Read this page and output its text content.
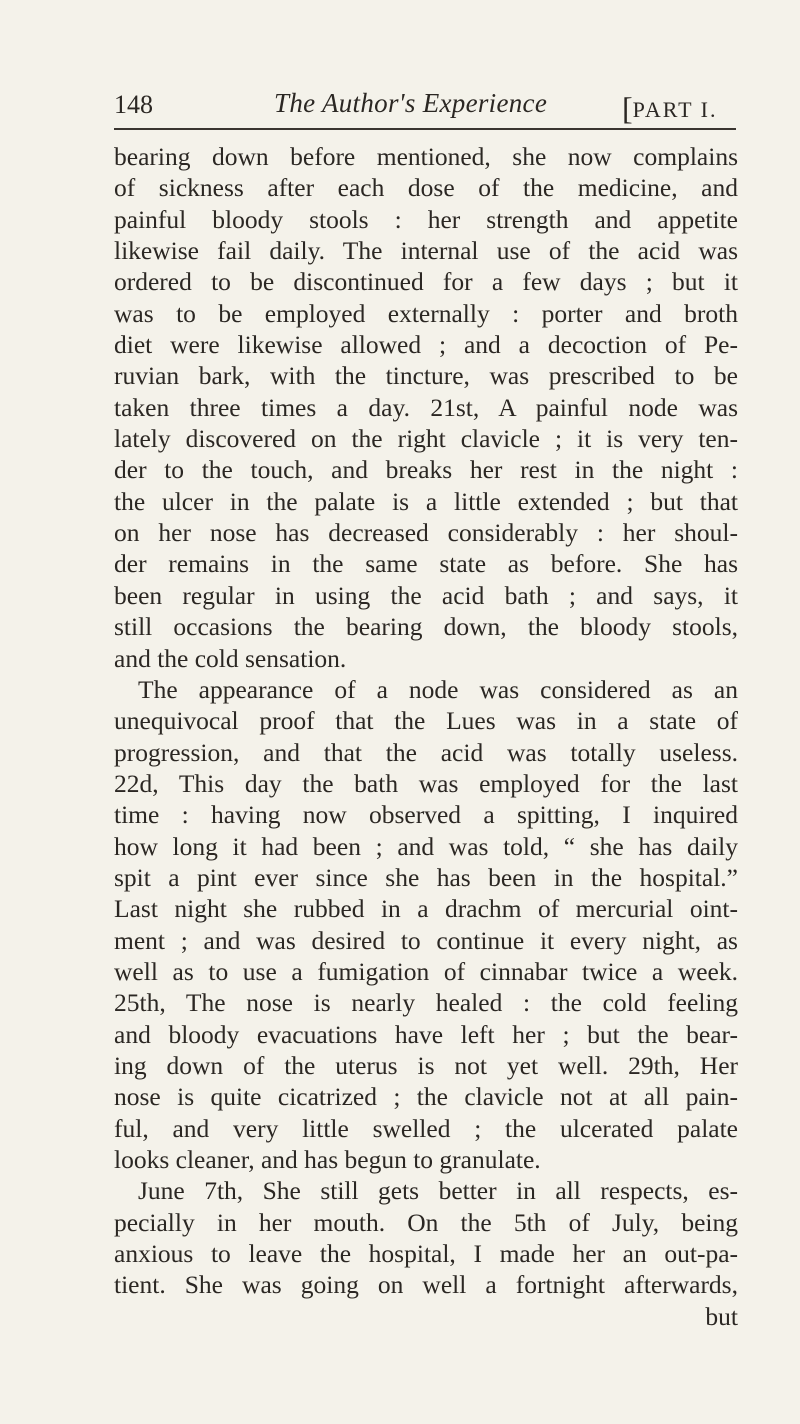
148	The Author's Experience [PART I.
bearing down before mentioned, she now complains
of sickness after each dose of the medicine, and
painful bloody stools : her strength and appetite
likewise fail daily. The internal use of the acid was
ordered to be discontinued for a few days ; but it
was to be employed externally : porter and broth
diet were likewise allowed ; and a decoction of Pe-
ruvian bark, with the tincture, was prescribed to be
taken three times a day. 21st, A painful node was
lately discovered on the right clavicle ; it is very ten-
der to the touch, and breaks her rest in the night :
the ulcer in the palate is a little extended ; but that
on her nose has decreased considerably : her shoul-
der remains in the same state as before. She has
been regular in using the acid bath ; and says, it
still occasions the bearing down, the bloody stools,
and the cold sensation.
The appearance of a node was considered as an
unequivocal proof that the Lues was in a state of
progression, and that the acid was totally useless.
22d, This day the bath was employed for the last
time : having now observed a spitting, I inquired
how long it had been ; and was told, “ she has daily
spit a pint ever since she has been in the hospital.”
Last night she rubbed in a drachm of mercurial oint-
ment ; and was desired to continue it every night, as
well as to use a fumigation of cinnabar twice a week.
25th, The nose is nearly healed : the cold feeling
and bloody evacuations have left her ; but the bear-
ing down of the uterus is not yet well. 29th, Her
nose is quite cicatrized ; the clavicle not at all pain-
ful, and very little swelled ; the ulcerated palate
looks cleaner, and has begun to granulate.
June 7th, She still gets better in all respects, es-
pecially in her mouth. On the 5th of July, being
anxious to leave the hospital, I made her an out-pa-
tient. She was going on well a fortnight afterwards,
but
